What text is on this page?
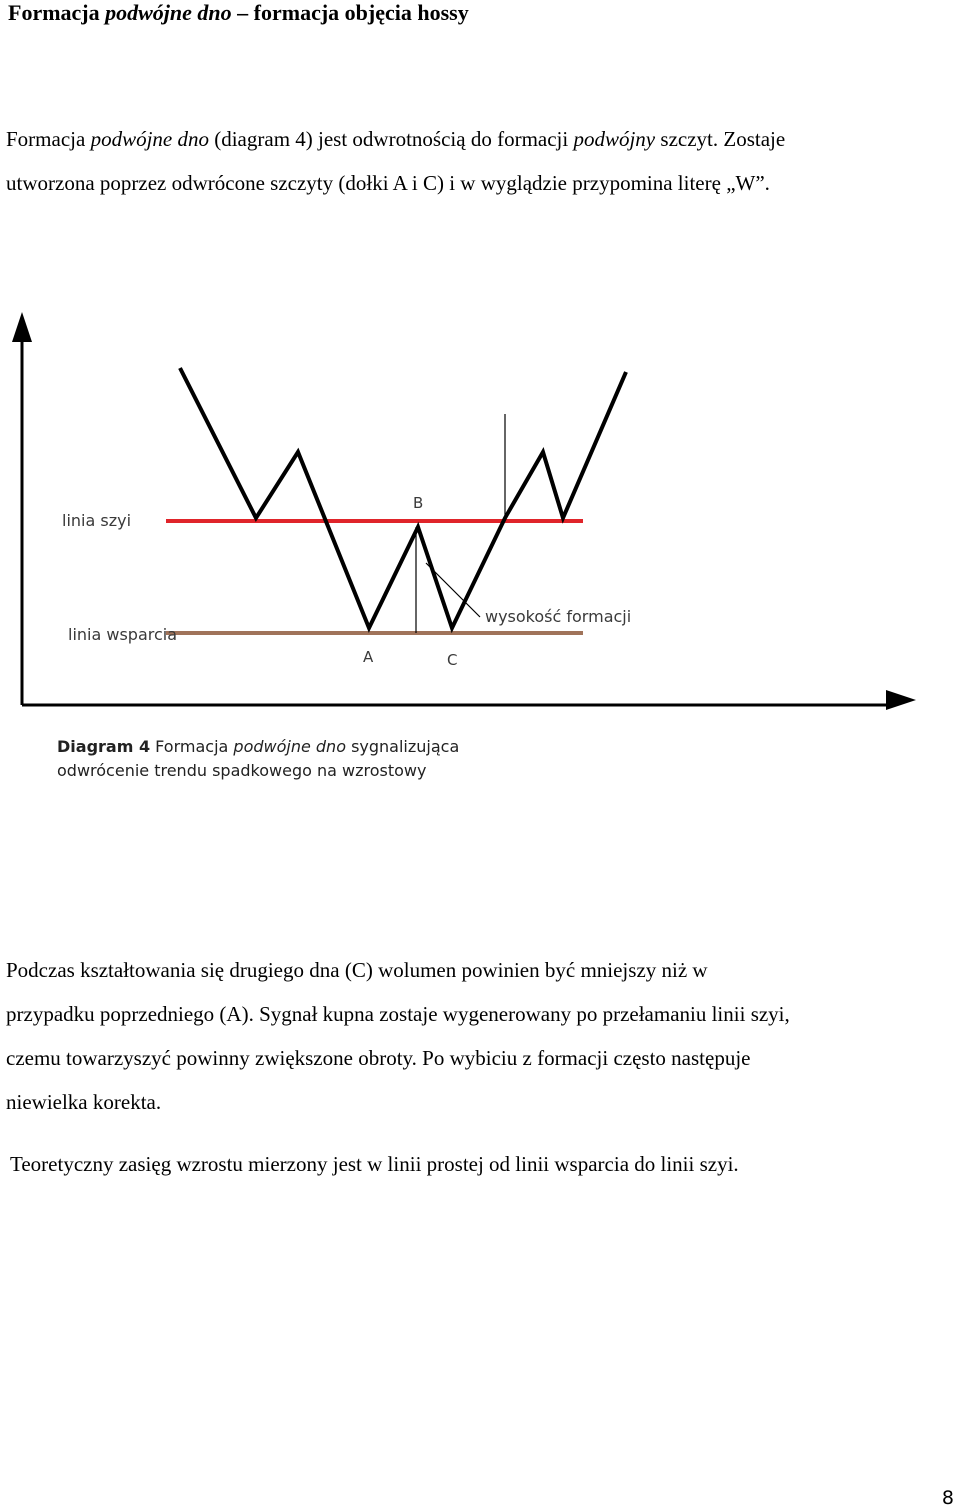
Formacja podwójne dno – formacja objęcia hossy
Formacja podwójne dno (diagram 4) jest odwrotnością do formacji podwójny szczyt. Zostaje
utworzona poprzez odwrócone szczyty (dołki A i C) i w wyglądzie przypomina literę „W”.
linia szyi
linia wsparcia
B
A	C
wysokość formacji
Diagram 4 Formacja podwójne dno sygnalizująca
odwrócenie trendu spadkowego na wzrostowy
Podczas kształtowania się drugiego dna (C) wolumen powinien być mniejszy niż w
przypadku poprzedniego (A). Sygnał kupna zostaje wygenerowany po przełamaniu linii szyi,
czemu towarzyszyć powinny zwiększone obroty. Po wybiciu z formacji często następuje
niewielka korekta.
Teoretyczny zasięg wzrostu mierzony jest w linii prostej od linii wsparcia do linii szyi.
8
